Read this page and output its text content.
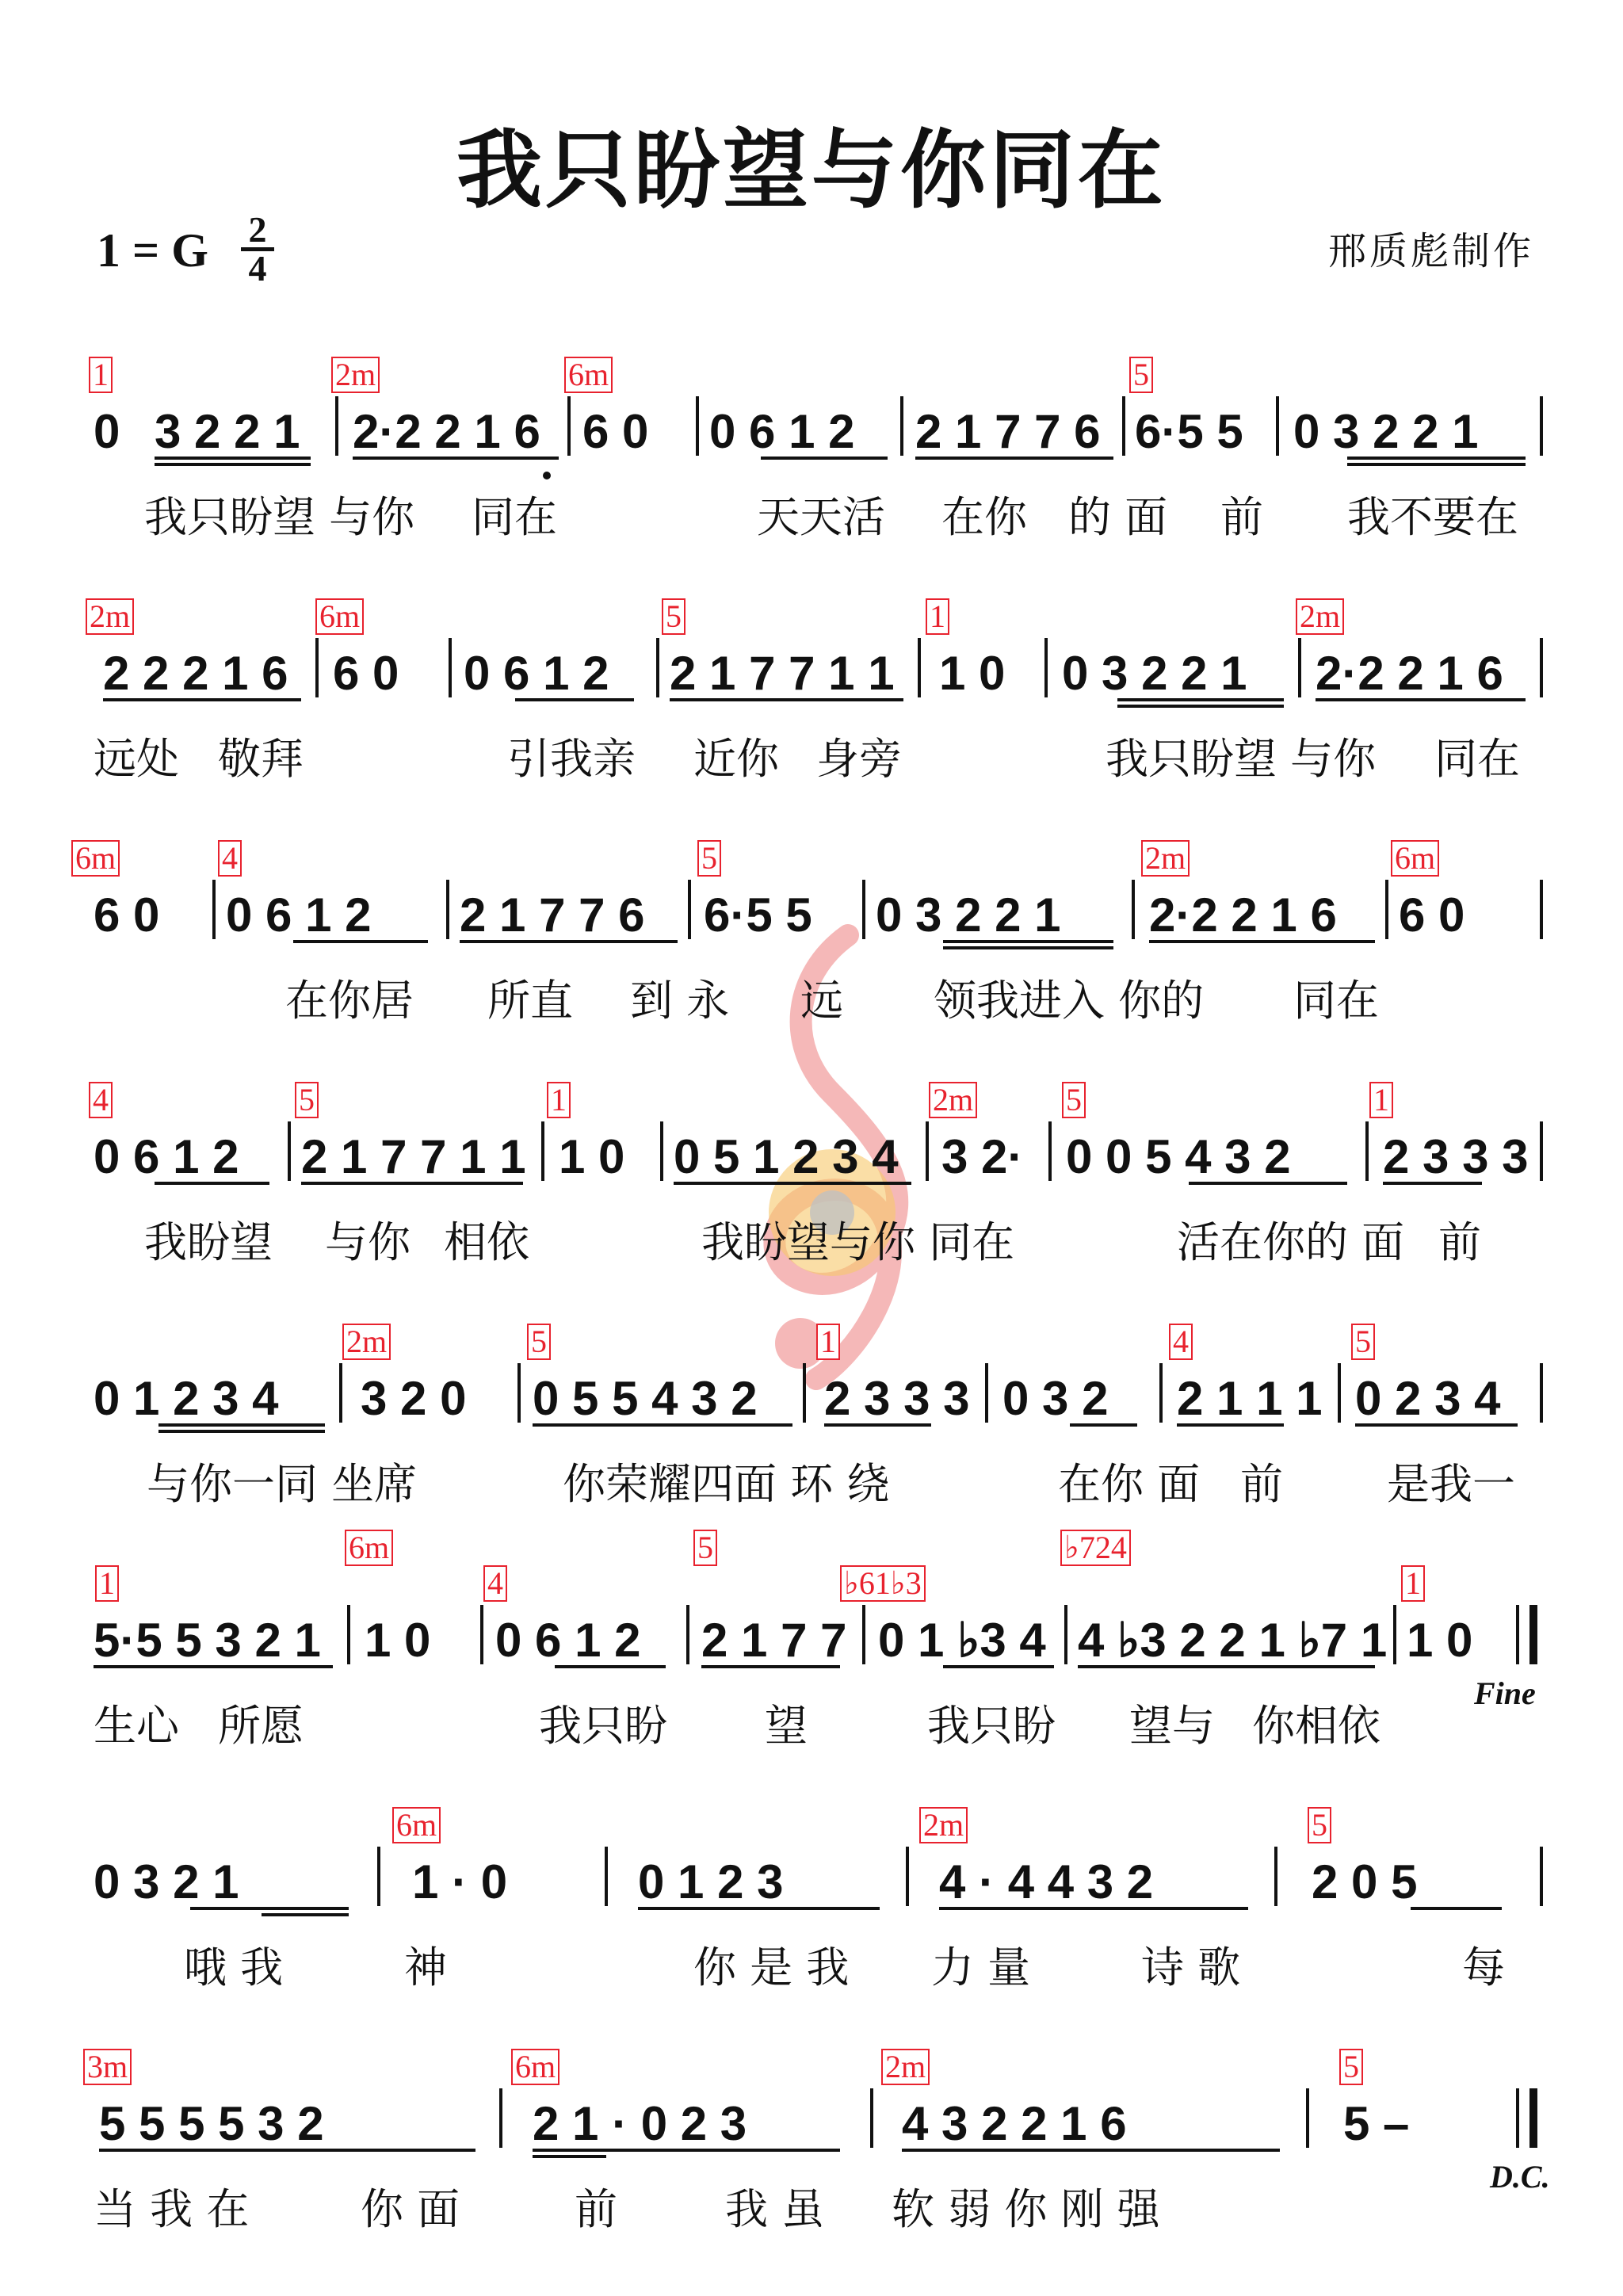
我只盼望与你同在
1 = G 2
4	邢质彪制作
0 3 2 2 1 2·2 2 1 6 6 0 0 6 1 2 2 1 7 7 6 6·5 5 0 3 2 2 1
1	2m	6m	5
我只盼望 与你 同在	天天活 在你 的 面 前 我不要在
2 2 2 1 6 6 0 0 6 1 2 2 1 7 7 1 1 1 0 0 3 2 2 1 2·2 2 1 6
2m	6m	5	1	2m
远处 敬拜	引我亲 近你 身旁	我只盼望 与你 同在
6 0 0 6 1 2 2 1 7 7 6 6·5 5 0 3 2 2 1 2·2 2 1 6 6 0
6m	4	5	2m	6m
在你居 所直 到 永 远 领我进入 你的 同在
0 6 1 2 2 1 7 7 1 1 1 0 0 5 1 2 3 4 3 2· 0 0 5 4 3 2 2 3 3 3
4	5	1	2m	5	1
我盼望 与你 相依	我盼望与你 同在	活在你的 面 前
0 1 2 3 4 3 2 0 0 5 5 4 3 2 2 3 3 3 0 3 2 2 1 1 1 0 2 3 4
2m	5	1	4	5
与你一同 坐席	你荣耀四面 环 绕	在你 面 前 是我一
5·5 5 3 2 1 1 0 0 6 1 2 2 1 7 7 0 1 ♭3 4 4 ♭3 2 2 1 ♭7 1 1 0
1
6m
4
5
♭61♭3
♭724
1
Fine
生心 所愿	我只盼 望	我只盼 望与 你相依
0 3 2 1	1 · 0	0 1 2 3	4 · 4 4 3 2	2 0 5
6m	2m	5
哦 我	神	你 是 我 力 量	诗 歌	每
5 5 5 5 3 2	2 1 · 0 2 3	4 3 2 2 1 6	5 –
3m	6m	2m	5
D.C.
当 我 在	你 面	前	我 虽 软 弱 你 刚 强
